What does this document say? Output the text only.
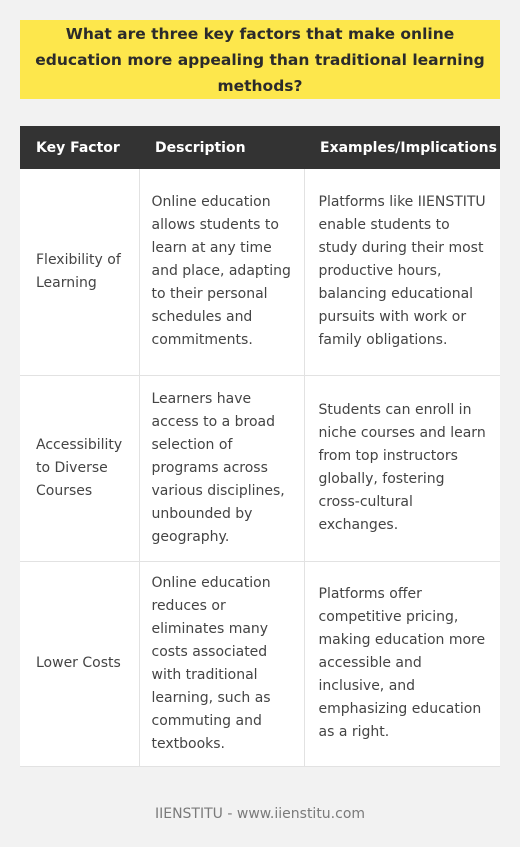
What are three key factors that make online education more appealing than traditional learning methods?
Key Factor	Description	Examples/Implications
Flexibility of Learning	Online education allows students to learn at any time and place, adapting to their personal schedules and commitments.	Platforms like IIENSTITU enable students to study during their most productive hours, balancing educational pursuits with work or family obligations.
Accessibility to Diverse Courses	Learners have access to a broad selection of programs across various disciplines, unbounded by geography.	Students can enroll in niche courses and learn from top instructors globally, fostering cross-cultural exchanges.
Lower Costs	Online education reduces or eliminates many costs associated with traditional learning, such as commuting and textbooks.	Platforms offer competitive pricing, making education more accessible and inclusive, and emphasizing education as a right.
IIENSTITU - www.iienstitu.com
